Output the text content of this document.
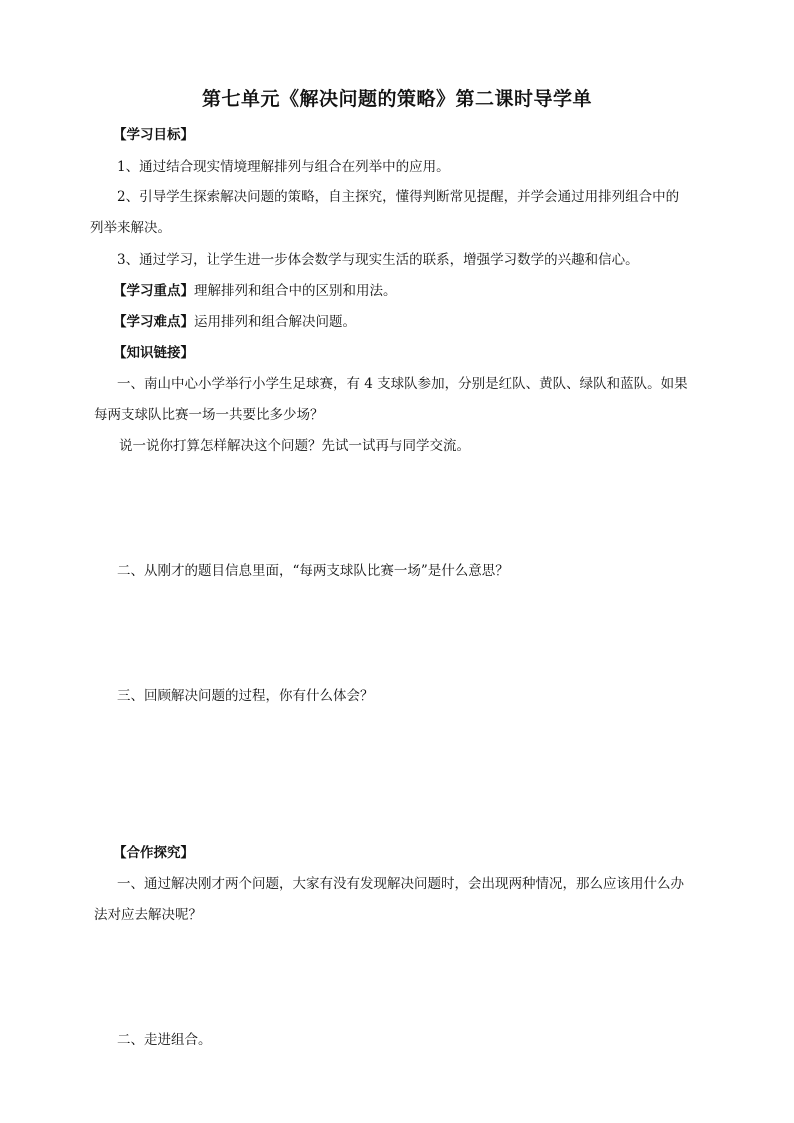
第七单元《解决问题的策略》第二课时导学单
【学习目标】
1、通过结合现实情境理解排列与组合在列举中的应用。
2、引导学生探索解决问题的策略，自主探究，懂得判断常见提醒，并学会通过用排列组合中的
列举来解决。
3、通过学习，让学生进一步体会数学与现实生活的联系，增强学习数学的兴趣和信心。
【学习重点】理解排列和组合中的区别和用法。
【学习难点】运用排列和组合解决问题。
【知识链接】
一、南山中心小学举行小学生足球赛，有 4 支球队参加，分别是红队、黄队、绿队和蓝队。如果
每两支球队比赛一场一共要比多少场？
说一说你打算怎样解决这个问题？先试一试再与同学交流。
二、从刚才的题目信息里面，“每两支球队比赛一场”是什么意思？
三、回顾解决问题的过程，你有什么体会？
【合作探究】
一、通过解决刚才两个问题，大家有没有发现解决问题时，会出现两种情况，那么应该用什么办
法对应去解决呢？
二、走进组合。
